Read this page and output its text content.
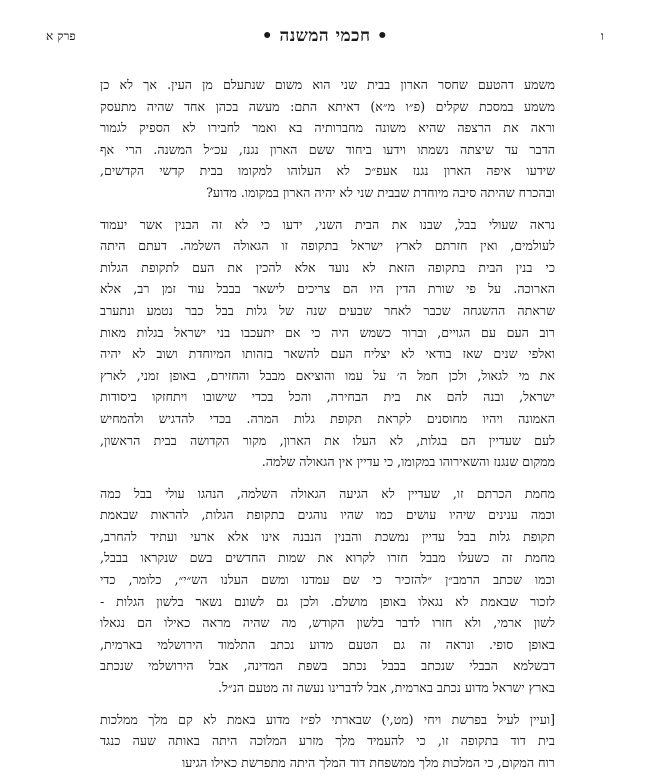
ו
• חכמי המשנה •
פרק א
משמע דהטעם שחסר הארון בבית שני הוא משום שנתעלם מן העין. אך לא כן
משמע במסכת שקלים (פ״ו מ״א) דאיתא התם: מעשה בכהן אחד שהיה מתעסק
וראה את הרצפה שהיא משונה מחברותיה בא ואמר לחבירו לא הספיק לגמור
הדבר עד שיצתה נשמתו וידעו ביחוד ששם הארון נגנז, עכ״ל המשנה. הרי אף
שידעו איפה הארון נגנז אעפ״כ לא העלוהו למקומו בבית קדשי הקדשים,
ובהכרח שהיתה סיבה מיוחדת שבבית שני לא יהיה הארון במקומו. מדוע?
נראה שעולי בבל, שבנו את הבית השני, ידעו כי לא זה הבנין אשר יעמוד
לעולמים, ואין חזרתם לארץ ישראל בתקופה זו הגאולה השלמה. דעתם היתה
כי בנין הבית בתקופה הזאת לא נועד אלא להכין את העם לתקופת הגלות
הארוכה. על פי שורת הדין היו הם צריכים לישאר בבבל עוד זמן רב, אלא
שראתה ההשגחה שכבר לאחר שבעים שנה של גלות בבל כבר נטמע ונתערב
רוב העם עם הגויים, וברור כשמש היה כי אם יתעכבו בני ישראל בגלות מאות
ואלפי שנים שאז בודאי לא יצליח העם להשאר בזהותו המיוחדת ושוב לא יהיה
את מי לגאול, ולכן חמל ה׳ על עמו והוציאם מבבל והחזירם, באופן זמני, לארץ
ישראל, ובנה להם את בית הבחירה, והכל בכדי שישובו ויתחזקו ביסודות
האמונה ויהיו מחוסנים לקראת תקופת גלות המרה. בכדי להדגיש ולהמחיש
לעם שעדיין הם בגלות, לא העלו את הארון, מקור הקדושה בבית הראשון,
ממקום שנגנז והשאירוהו במקומו, כי עדיין אין הגאולה שלמה.
מחמת הכרתם זו, שעדיין לא הגיעה הגאולה השלמה, הנהגו עולי בבל כמה
וכמה ענינים שיהיו עושים כמו שהיו נוהגים בתקופת הגלות, להראות שבאמת
תקופת גלות בבל עדיין נמשכת והבנין הנבנה אינו אלא ארעי ועתיד להחרב,
מחמת זה כשעלו מבבל חזרו לקרוא את שמות החדשים בשם שנקראו בבבל,
וכמו שכתב הרמב״ן ״להזכיר כי שם עמדנו ומשם העלנו הש״י״, כלומר, כדי
לזכור שבאמת לא נגאלו באופן מושלם. ולכן גם לשונם נשאר בלשון הגלות -
לשון ארמי, ולא חזרו לדבר בלשון הקודש, מה שהיה מראה כאילו הם נגאלו
באופן סופי. ונראה זה גם הטעם מדוע נכתב התלמוד הירושלמי בארמית,
דבשלמא הבבלי שנכתב בבבל נכתב בשפת המדינה, אבל הירושלמי שנכתב
בארץ ישראל מדוע נכתב בארמית, אבל לדברינו נעשה זה מטעם הנ״ל.
[ועיין לעיל בפרשת ויחי (מט,י) שבארתי לפ״ז מדוע באמת לא קם מלך ממלכות
בית דוד בתקופה זו, כי להעמיד מלך מזרע המלוכה היתה באותה שעה כנגד
רוח המקום, כי המלכות מלך ממשפחת דוד המלך היתה מתפרשת כאילו הגיעו
